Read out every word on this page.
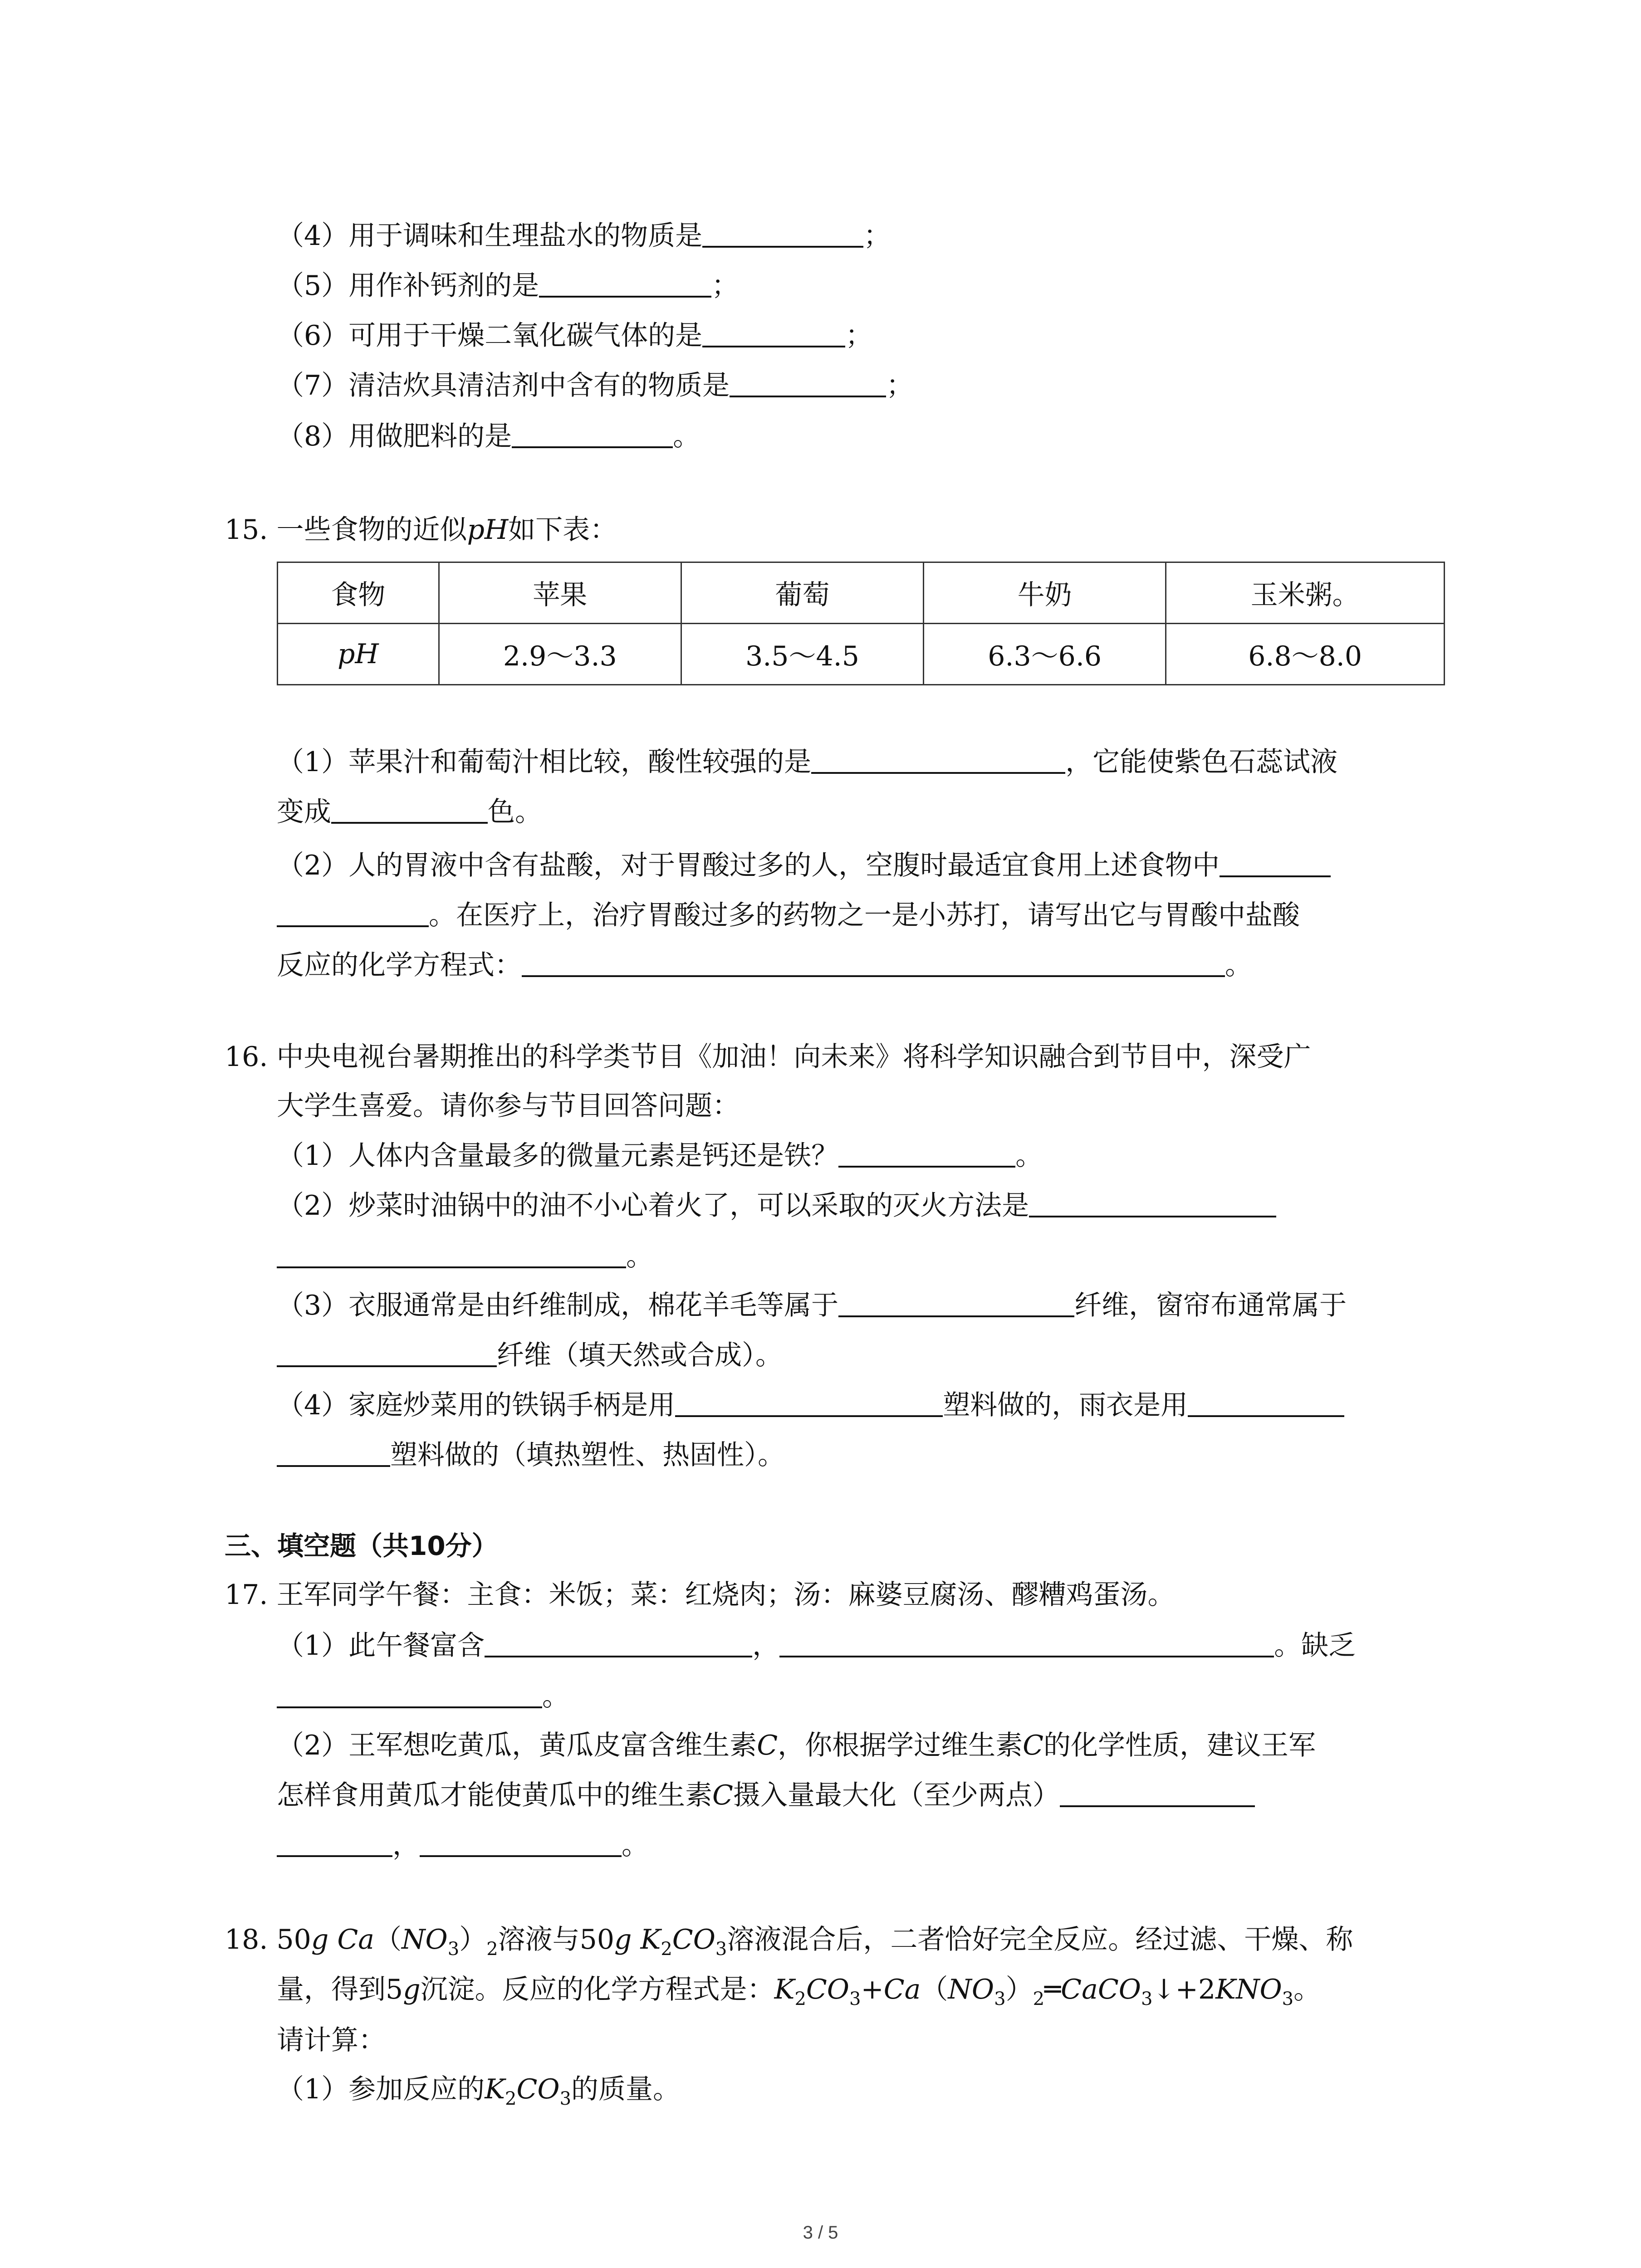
（4）用于调味和生理盐水的物质是	；
（5）用作补钙剂的是	；
（6）可用于干燥二氧化碳气体的是	；
（7）清洁炊具清洁剂中含有的物质是	；
（8）用做肥料的是	。
15. 一些食物的近似pH如下表：
食物	苹果	葡萄	牛奶	玉米粥。
pH	2.9～3.3	3.5～4.5	6.3～6.6	6.8～8.0
（1）苹果汁和葡萄汁相比较，酸性较强的是	，它能使紫色石蕊试液
变成	色。
（2）人的胃液中含有盐酸，对于胃酸过多的人，空腹时最适宜食用上述食物中
。在医疗上，治疗胃酸过多的药物之一是小苏打，请写出它与胃酸中盐酸
反应的化学方程式：	。
16. 中央电视台暑期推出的科学类节目《加油！向未来》将科学知识融合到节目中，深受广
大学生喜爱。请你参与节目回答问题：
（1）人体内含量最多的微量元素是钙还是铁？	。
（2）炒菜时油锅中的油不小心着火了，可以采取的灭火方法是
。
（3）衣服通常是由纤维制成，棉花羊毛等属于	纤维，窗帘布通常属于
纤维（填天然或合成）。
（4）家庭炒菜用的铁锅手柄是用	塑料做的，雨衣是用
塑料做的（填热塑性、热固性）。
三、填空题（共10分）
17. 王军同学午餐：主食：米饭；菜：红烧肉；汤：麻婆豆腐汤、醪糟鸡蛋汤。
（1）此午餐富含	，	。缺乏
。
（2）王军想吃黄瓜，黄瓜皮富含维生素C，你根据学过维生素C的化学性质，建议王军
怎样食用黄瓜才能使黄瓜中的维生素C摄入量最大化（至少两点）
，	。
18. 50g $Ca(NO_3)_2$溶液与50g $K_2CO_3$溶液混合后，二者恰好完全反应。经过滤、干燥、称
量，得到5g沉淀。反应的化学方程式是：$K_2CO_3+Ca(NO_3)_2═CaCO_3↓+2KNO_3$。
请计算：
（1）参加反应的$K_2CO_3$的质量。
3 / 5
